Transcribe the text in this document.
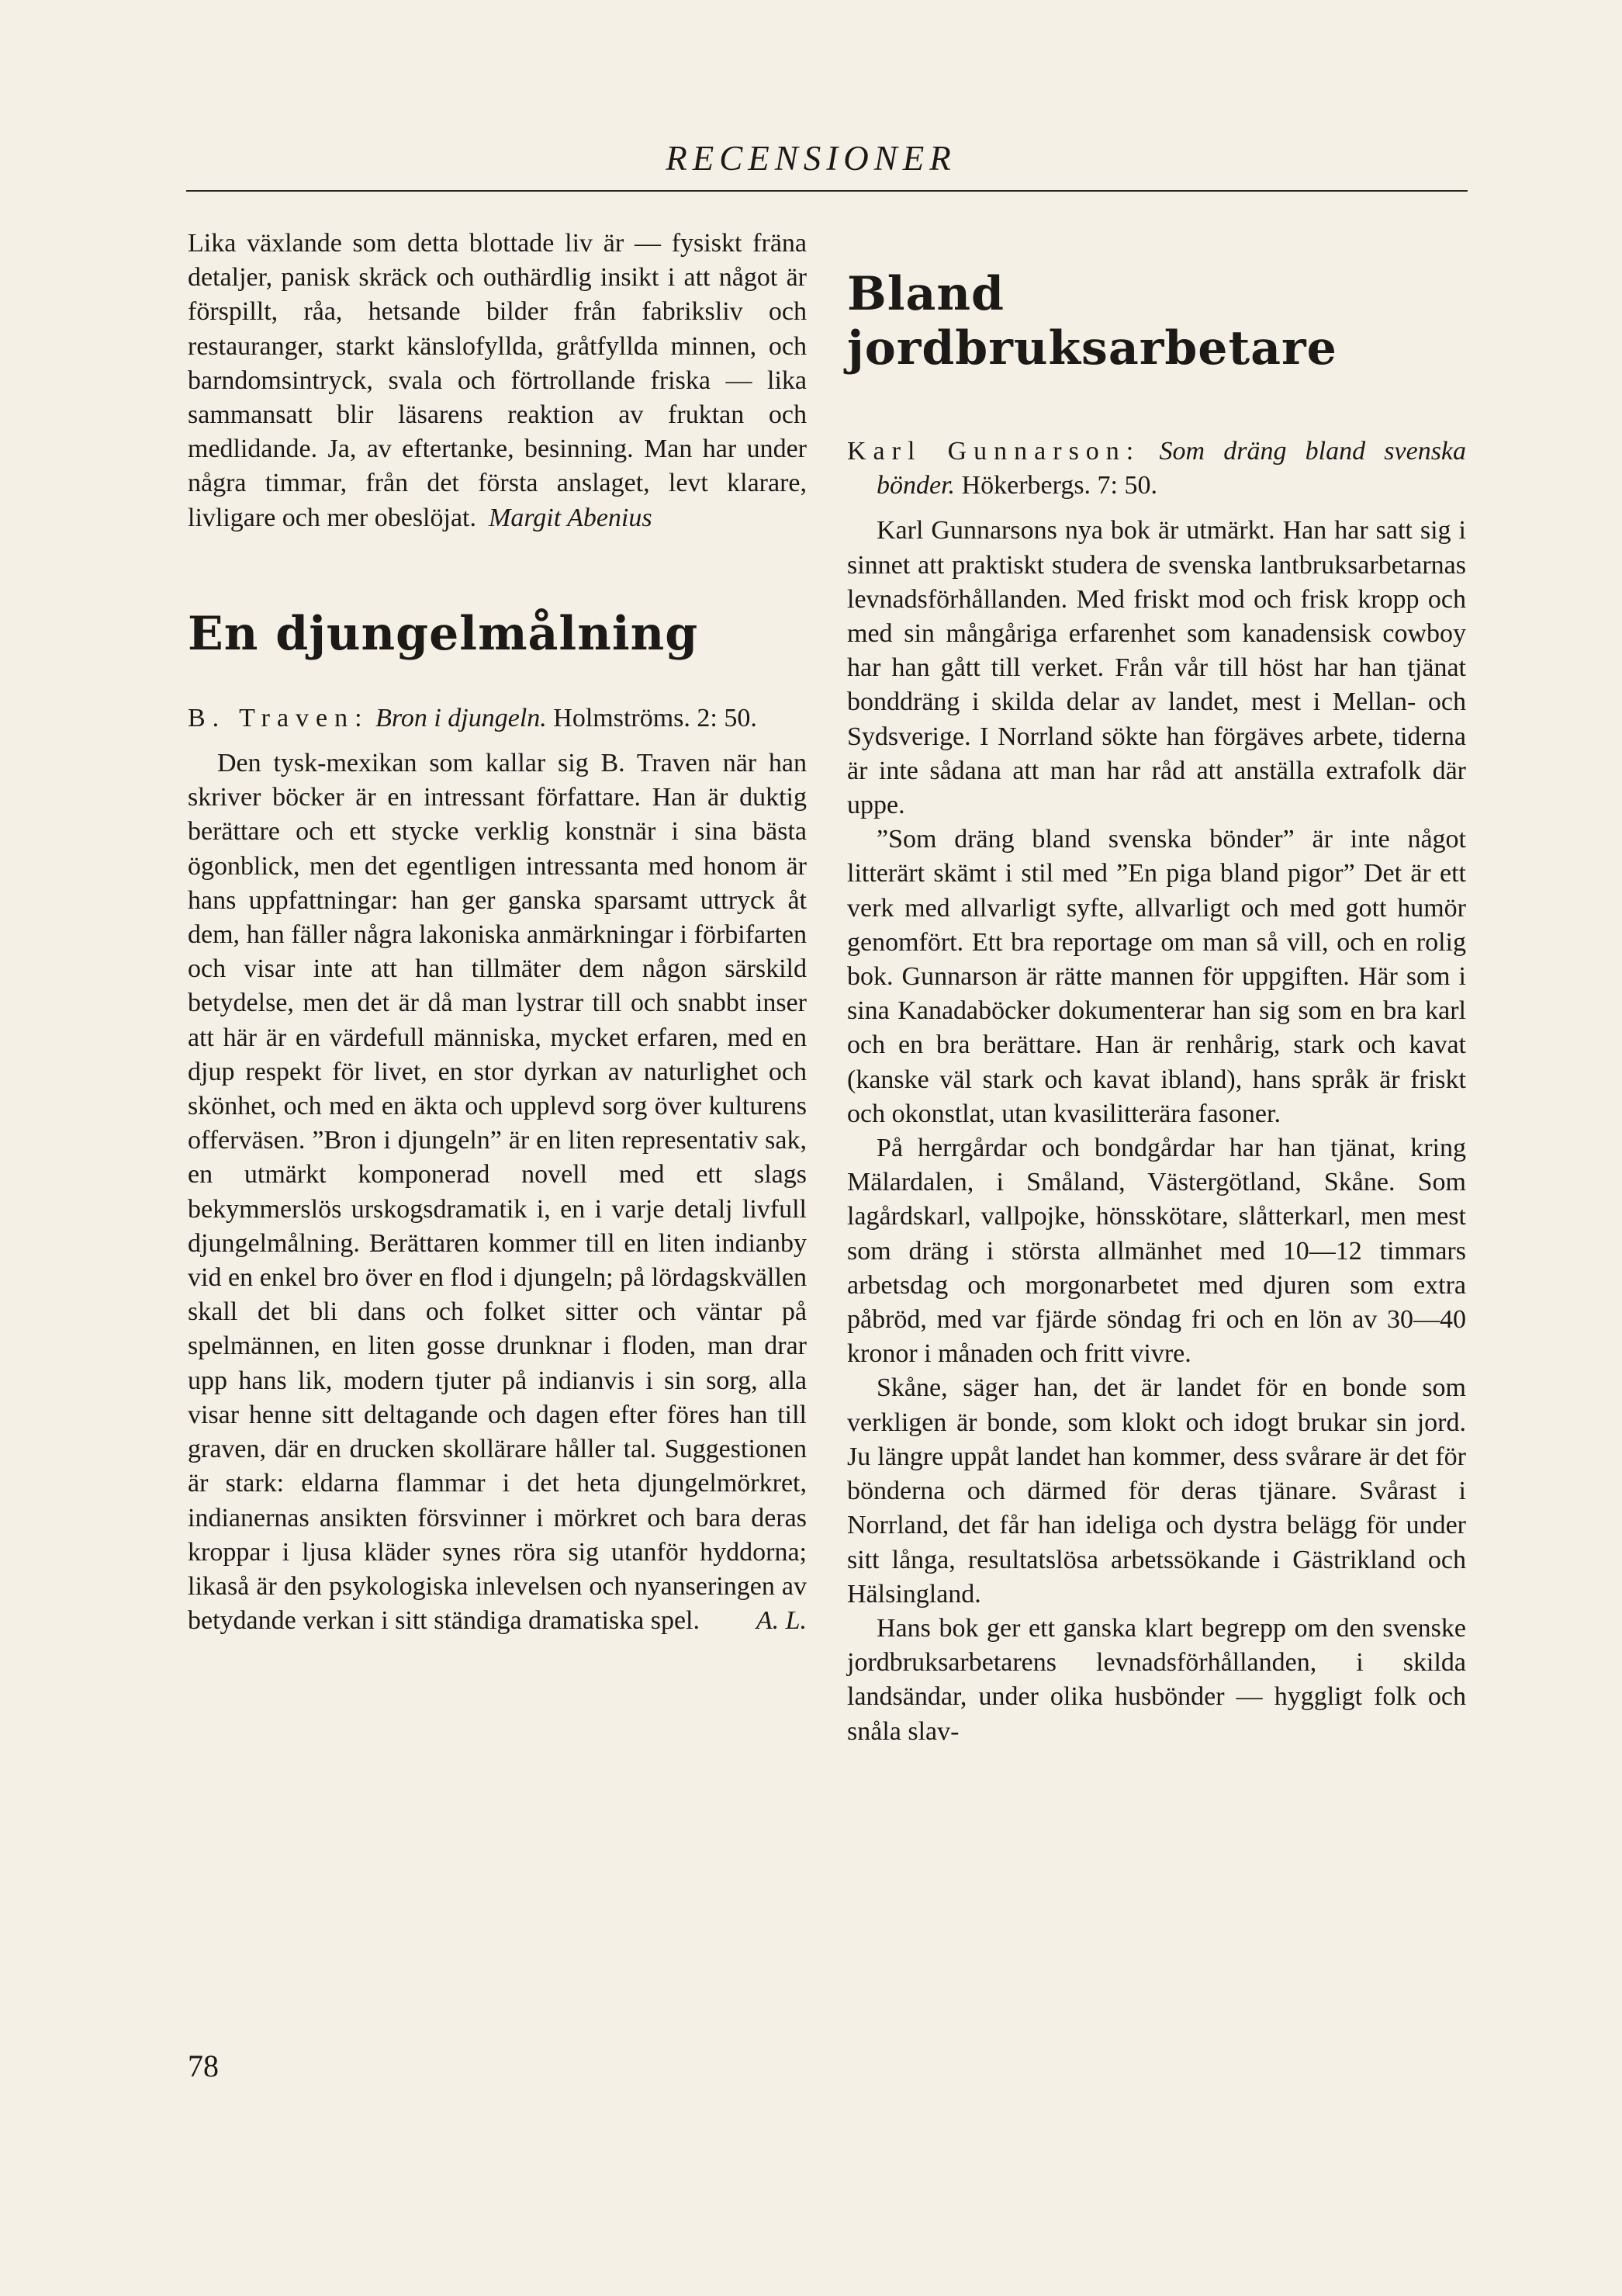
RECENSIONER

Lika växlande som detta blottade liv är — fysiskt fräna detaljer, panisk skräck och outhärdlig insikt i att något är förspillt, råa, hetsande bilder från fabriksliv och restauranger, starkt känslofyllda, gråtfyllda minnen, och barndomsintryck, svala och förtrollande friska — lika sammansatt blir läsarens reaktion av fruktan och medlidande. Ja, av eftertanke, besinning. Man har under några timmar, från det första anslaget, levt klarare, livligare och mer obeslöjat. Margit Abenius

En djungelmålning

B. Traven: Bron i djungeln. Holmströms. 2: 50.

Den tysk-mexikan som kallar sig B. Traven när han skriver böcker är en intressant författare. Han är duktig berättare och ett stycke verklig konstnär i sina bästa ögonblick, men det egentligen intressanta med honom är hans uppfattningar: han ger ganska sparsamt uttryck åt dem, han fäller några lakoniska anmärkningar i förbifarten och visar inte att han tillmäter dem någon särskild betydelse, men det är då man lystrar till och snabbt inser att här är en värdefull människa, mycket erfaren, med en djup respekt för livet, en stor dyrkan av naturlighet och skönhet, och med en äkta och upplevd sorg över kulturens offerväsen. ”Bron i djungeln” är en liten representativ sak, en utmärkt komponerad novell med ett slags bekymmerslös urskogsdramatik i, en i varje detalj livfull djungelmålning. Berättaren kommer till en liten indianby vid en enkel bro över en flod i djungeln; på lördagskvällen skall det bli dans och folket sitter och väntar på spelmännen, en liten gosse drunknar i floden, man drar upp hans lik, modern tjuter på indianvis i sin sorg, alla visar henne sitt deltagande och dagen efter föres han till graven, där en drucken skollärare håller tal. Suggestionen är stark: eldarna flammar i det heta djungelmörkret, indianernas ansikten försvinner i mörkret och bara deras kroppar i ljusa kläder synes röra sig utanför hyddorna; likaså är den psykologiska inlevelsen och nyanseringen av betydande verkan i sitt ständiga dramatiska spel.	A. L.

Bland jordbruksarbetare

Karl Gunnarson: Som dräng bland svenska bönder. Hökerbergs. 7: 50.

Karl Gunnarsons nya bok är utmärkt. Han har satt sig i sinnet att praktiskt studera de svenska lantbruksarbetarnas levnadsförhållanden. Med friskt mod och frisk kropp och med sin mångåriga erfarenhet som kanadensisk cowboy har han gått till verket. Från vår till höst har han tjänat bonddräng i skilda delar av landet, mest i Mellan- och Sydsverige. I Norrland sökte han förgäves arbete, tiderna är inte sådana att man har råd att anställa extrafolk där uppe.

”Som dräng bland svenska bönder” är inte något litterärt skämt i stil med ”En piga bland pigor” Det är ett verk med allvarligt syfte, allvarligt och med gott humör genomfört. Ett bra reportage om man så vill, och en rolig bok. Gunnarson är rätte mannen för uppgiften. Här som i sina Kanadaböcker dokumenterar han sig som en bra karl och en bra berättare. Han är renhårig, stark och kavat (kanske väl stark och kavat ibland), hans språk är friskt och okonstlat, utan kvasilitterära fasoner.

På herrgårdar och bondgårdar har han tjänat, kring Mälardalen, i Småland, Västergötland, Skåne. Som lagårdskarl, vallpojke, hönsskötare, slåtterkarl, men mest som dräng i största allmänhet med 10—12 timmars arbetsdag och morgonarbetet med djuren som extra påbröd, med var fjärde söndag fri och en lön av 30—40 kronor i månaden och fritt vivre.

Skåne, säger han, det är landet för en bonde som verkligen är bonde, som klokt och idogt brukar sin jord. Ju längre uppåt landet han kommer, dess svårare är det för bönderna och därmed för deras tjänare. Svårast i Norrland, det får han ideliga och dystra belägg för under sitt långa, resultatslösa arbetssökande i Gästrikland och Hälsingland.

Hans bok ger ett ganska klart begrepp om den svenske jordbruksarbetarens levnadsförhållanden, i skilda landsändar, under olika husbönder — hyggligt folk och snåla slav-

78
